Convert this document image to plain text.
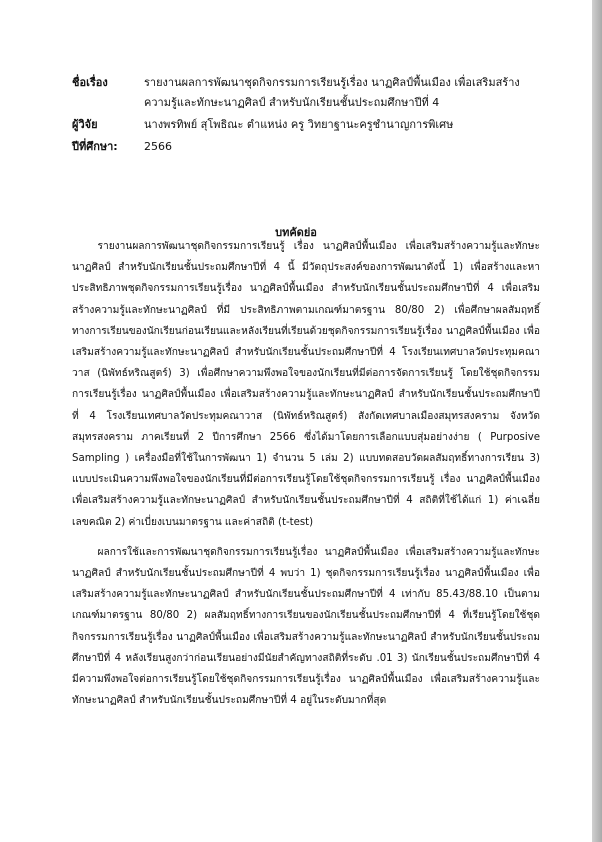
ชื่อเรื่อง	รายงานผลการพัฒนาชุดกิจกรรมการเรียนรู้เรื่อง นาฏศิลป์พื้นเมือง เพื่อเสริมสร้างความรู้และทักษะนาฏศิลป์ สำหรับนักเรียนชั้นประถมศึกษาปีที่ 4
ผู้วิจัย	นางพรทิพย์ สุโพธิณะ ตำแหน่ง ครู วิทยาฐานะครูชำนาญการพิเศษ
ปีที่ศึกษา:	2566
บทคัดย่อ

รายงานผลการพัฒนาชุดกิจกรรมการเรียนรู้ เรื่อง นาฏศิลป์พื้นเมือง เพื่อเสริมสร้างความรู้และทักษะนาฏศิลป์ สำหรับนักเรียนชั้นประถมศึกษาปีที่ 4 นี้ มีวัตถุประสงค์ของการพัฒนาดังนี้ 1) เพื่อสร้างและหาประสิทธิภาพชุดกิจกรรมการเรียนรู้เรื่อง นาฏศิลป์พื้นเมือง สำหรับนักเรียนชั้นประถมศึกษาปีที่ 4 เพื่อเสริมสร้างความรู้และทักษะนาฏศิลป์ ที่มี ประสิทธิภาพตามเกณฑ์มาตรฐาน 80/80 2) เพื่อศึกษาผลสัมฤทธิ์ทางการเรียนของนักเรียนก่อนเรียนและหลังเรียนที่เรียนด้วยชุดกิจกรรมการเรียนรู้เรื่อง นาฏศิลป์พื้นเมือง เพื่อเสริมสร้างความรู้และทักษะนาฏศิลป์ สำหรับนักเรียนชั้นประถมศึกษาปีที่ 4 โรงเรียนเทศบาลวัดประทุมคณาวาส (นิพัทธ์หริณสูตร์) 3) เพื่อศึกษาความพึงพอใจของนักเรียนที่มีต่อการจัดการเรียนรู้ โดยใช้ชุดกิจกรรมการเรียนรู้เรื่อง นาฏศิลป์พื้นเมือง เพื่อเสริมสร้างความรู้และทักษะนาฏศิลป์ สำหรับนักเรียนชั้นประถมศึกษาปีที่ 4 โรงเรียนเทศบาลวัดประทุมคณาวาส (นิพัทธ์หริณสูตร์) สังกัดเทศบาลเมืองสมุทรสงคราม จังหวัดสมุทรสงคราม ภาคเรียนที่ 2 ปีการศึกษา 2566 ซึ่งได้มาโดยการเลือกแบบสุ่มอย่างง่าย ( Purposive Sampling ) เครื่องมือที่ใช้ในการพัฒนา 1) จำนวน 5 เล่ม 2) แบบทดสอบวัดผลสัมฤทธิ์ทางการเรียน 3) แบบประเมินความพึงพอใจของนักเรียนที่มีต่อการเรียนรู้โดยใช้ชุดกิจกรรมการเรียนรู้ เรื่อง นาฏศิลป์พื้นเมือง เพื่อเสริมสร้างความรู้และทักษะนาฏศิลป์ สำหรับนักเรียนชั้นประถมศึกษาปีที่ 4 สถิติที่ใช้ได้แก่ 1) ค่าเฉลี่ยเลขคณิต 2) ค่าเบี่ยงเบนมาตรฐาน และค่าสถิติ (t-test)

ผลการใช้และการพัฒนาชุดกิจกรรมการเรียนรู้เรื่อง นาฏศิลป์พื้นเมือง เพื่อเสริมสร้างความรู้และทักษะนาฏศิลป์ สำหรับนักเรียนชั้นประถมศึกษาปีที่ 4 พบว่า 1) ชุดกิจกรรมการเรียนรู้เรื่อง นาฏศิลป์พื้นเมือง เพื่อเสริมสร้างความรู้และทักษะนาฏศิลป์ สำหรับนักเรียนชั้นประถมศึกษาปีที่ 4 เท่ากับ 85.43/88.10 เป็นตามเกณฑ์มาตรฐาน 80/80 2) ผลสัมฤทธิ์ทางการเรียนของนักเรียนชั้นประถมศึกษาปีที่ 4 ที่เรียนรู้โดยใช้ชุดกิจกรรมการเรียนรู้เรื่อง นาฏศิลป์พื้นเมือง เพื่อเสริมสร้างความรู้และทักษะนาฏศิลป์ สำหรับนักเรียนชั้นประถมศึกษาปีที่ 4 หลังเรียนสูงกว่าก่อนเรียนอย่างมีนัยสำคัญทางสถิติที่ระดับ .01 3) นักเรียนชั้นประถมศึกษาปีที่ 4 มีความพึงพอใจต่อการเรียนรู้โดยใช้ชุดกิจกรรมการเรียนรู้เรื่อง นาฏศิลป์พื้นเมือง เพื่อเสริมสร้างความรู้และทักษะนาฏศิลป์ สำหรับนักเรียนชั้นประถมศึกษาปีที่ 4 อยู่ในระดับมากที่สุด
